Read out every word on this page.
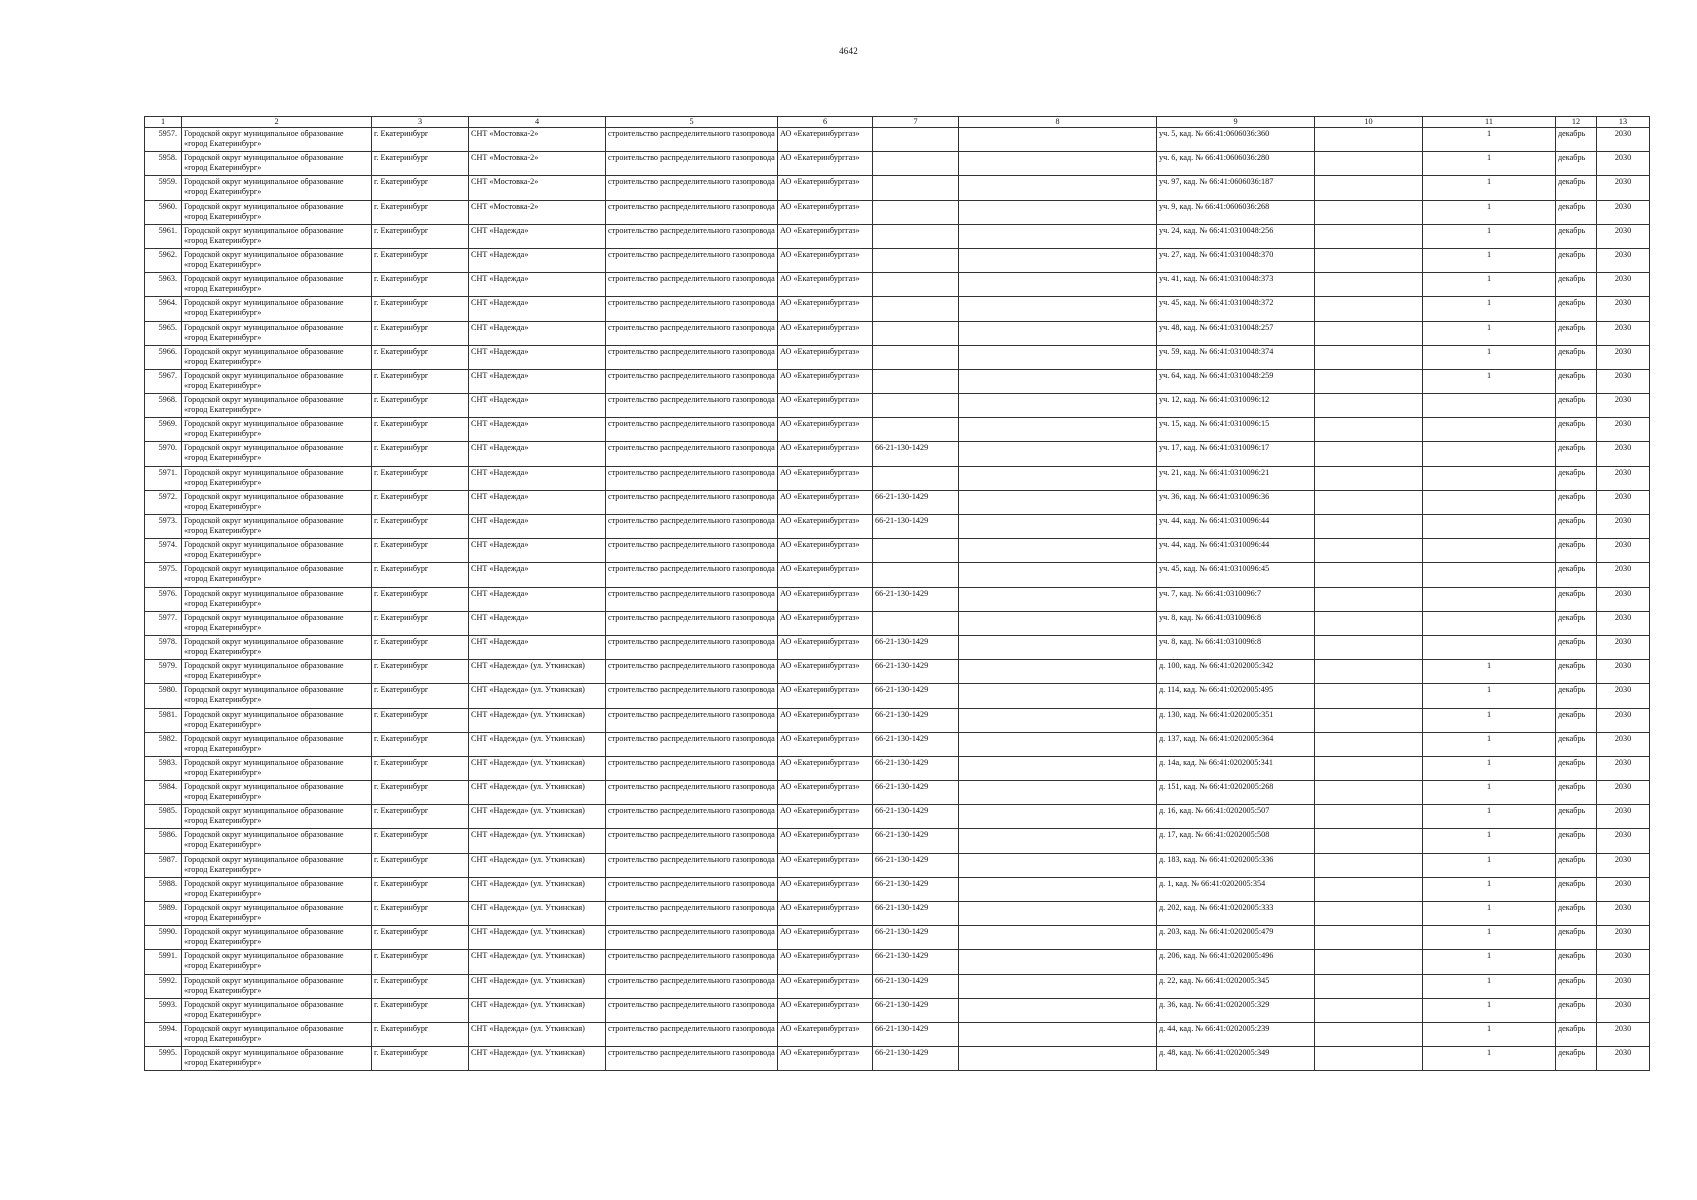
4642
1	2	3	4	5	6	7	8	9	10	11	12	13
5957.	Городской округ муниципальное образование «город Екатеринбург»	г. Екатеринбург	СНТ «Мостовка-2»	строительство распределительного газопровода	АО «Екатеринбурггаз»			уч. 5, кад. № 66:41:0606036:360		1	декабрь	2030
5958.	Городской округ муниципальное образование «город Екатеринбург»	г. Екатеринбург	СНТ «Мостовка-2»	строительство распределительного газопровода	АО «Екатеринбурггаз»			уч. 6, кад. № 66:41:0606036:280		1	декабрь	2030
5959.	Городской округ муниципальное образование «город Екатеринбург»	г. Екатеринбург	СНТ «Мостовка-2»	строительство распределительного газопровода	АО «Екатеринбурггаз»			уч. 97, кад. № 66:41:0606036:187		1	декабрь	2030
5960.	Городской округ муниципальное образование «город Екатеринбург»	г. Екатеринбург	СНТ «Мостовка-2»	строительство распределительного газопровода	АО «Екатеринбурггаз»			уч. 9, кад. № 66:41:0606036:268		1	декабрь	2030
5961.	Городской округ муниципальное образование «город Екатеринбург»	г. Екатеринбург	СНТ «Надежда»	строительство распределительного газопровода	АО «Екатеринбурггаз»			уч. 24, кад. № 66:41:0310048:256		1	декабрь	2030
5962.	Городской округ муниципальное образование «город Екатеринбург»	г. Екатеринбург	СНТ «Надежда»	строительство распределительного газопровода	АО «Екатеринбурггаз»			уч. 27, кад. № 66:41:0310048:370		1	декабрь	2030
5963.	Городской округ муниципальное образование «город Екатеринбург»	г. Екатеринбург	СНТ «Надежда»	строительство распределительного газопровода	АО «Екатеринбурггаз»			уч. 41, кад. № 66:41:0310048:373		1	декабрь	2030
5964.	Городской округ муниципальное образование «город Екатеринбург»	г. Екатеринбург	СНТ «Надежда»	строительство распределительного газопровода	АО «Екатеринбурггаз»			уч. 45, кад. № 66:41:0310048:372		1	декабрь	2030
5965.	Городской округ муниципальное образование «город Екатеринбург»	г. Екатеринбург	СНТ «Надежда»	строительство распределительного газопровода	АО «Екатеринбурггаз»			уч. 48, кад. № 66:41:0310048:257		1	декабрь	2030
5966.	Городской округ муниципальное образование «город Екатеринбург»	г. Екатеринбург	СНТ «Надежда»	строительство распределительного газопровода	АО «Екатеринбурггаз»			уч. 59, кад. № 66:41:0310048:374		1	декабрь	2030
5967.	Городской округ муниципальное образование «город Екатеринбург»	г. Екатеринбург	СНТ «Надежда»	строительство распределительного газопровода	АО «Екатеринбурггаз»			уч. 64, кад. № 66:41:0310048:259		1	декабрь	2030
5968.	Городской округ муниципальное образование «город Екатеринбург»	г. Екатеринбург	СНТ «Надежда»	строительство распределительного газопровода	АО «Екатеринбурггаз»			уч. 12, кад. № 66:41:0310096:12			декабрь	2030
5969.	Городской округ муниципальное образование «город Екатеринбург»	г. Екатеринбург	СНТ «Надежда»	строительство распределительного газопровода	АО «Екатеринбурггаз»			уч. 15, кад. № 66:41:0310096:15			декабрь	2030
5970.	Городской округ муниципальное образование «город Екатеринбург»	г. Екатеринбург	СНТ «Надежда»	строительство распределительного газопровода	АО «Екатеринбурггаз»	66-21-130-1429		уч. 17, кад. № 66:41:0310096:17			декабрь	2030
5971.	Городской округ муниципальное образование «город Екатеринбург»	г. Екатеринбург	СНТ «Надежда»	строительство распределительного газопровода	АО «Екатеринбурггаз»			уч. 21, кад. № 66:41:0310096:21			декабрь	2030
5972.	Городской округ муниципальное образование «город Екатеринбург»	г. Екатеринбург	СНТ «Надежда»	строительство распределительного газопровода	АО «Екатеринбурггаз»	66-21-130-1429		уч. 36, кад. № 66:41:0310096:36			декабрь	2030
5973.	Городской округ муниципальное образование «город Екатеринбург»	г. Екатеринбург	СНТ «Надежда»	строительство распределительного газопровода	АО «Екатеринбурггаз»	66-21-130-1429		уч. 44, кад. № 66:41:0310096:44			декабрь	2030
5974.	Городской округ муниципальное образование «город Екатеринбург»	г. Екатеринбург	СНТ «Надежда»	строительство распределительного газопровода	АО «Екатеринбурггаз»			уч. 44, кад. № 66:41:0310096:44			декабрь	2030
5975.	Городской округ муниципальное образование «город Екатеринбург»	г. Екатеринбург	СНТ «Надежда»	строительство распределительного газопровода	АО «Екатеринбурггаз»			уч. 45, кад. № 66:41:0310096:45			декабрь	2030
5976.	Городской округ муниципальное образование «город Екатеринбург»	г. Екатеринбург	СНТ «Надежда»	строительство распределительного газопровода	АО «Екатеринбурггаз»	66-21-130-1429		уч. 7, кад. № 66:41:0310096:7			декабрь	2030
5977.	Городской округ муниципальное образование «город Екатеринбург»	г. Екатеринбург	СНТ «Надежда»	строительство распределительного газопровода	АО «Екатеринбурггаз»			уч. 8, кад. № 66:41:0310096:8			декабрь	2030
5978.	Городской округ муниципальное образование «город Екатеринбург»	г. Екатеринбург	СНТ «Надежда»	строительство распределительного газопровода	АО «Екатеринбурггаз»	66-21-130-1429		уч. 8, кад. № 66:41:0310096:8			декабрь	2030
5979.	Городской округ муниципальное образование «город Екатеринбург»	г. Екатеринбург	СНТ «Надежда» (ул. Уткинская)	строительство распределительного газопровода	АО «Екатеринбурггаз»	66-21-130-1429		д. 100, кад. № 66:41:0202005:342		1	декабрь	2030
5980.	Городской округ муниципальное образование «город Екатеринбург»	г. Екатеринбург	СНТ «Надежда» (ул. Уткинская)	строительство распределительного газопровода	АО «Екатеринбурггаз»	66-21-130-1429		д. 114, кад. № 66:41:0202005:495		1	декабрь	2030
5981.	Городской округ муниципальное образование «город Екатеринбург»	г. Екатеринбург	СНТ «Надежда» (ул. Уткинская)	строительство распределительного газопровода	АО «Екатеринбурггаз»	66-21-130-1429		д. 130, кад. № 66:41:0202005:351		1	декабрь	2030
5982.	Городской округ муниципальное образование «город Екатеринбург»	г. Екатеринбург	СНТ «Надежда» (ул. Уткинская)	строительство распределительного газопровода	АО «Екатеринбурггаз»	66-21-130-1429		д. 137, кад. № 66:41:0202005:364		1	декабрь	2030
5983.	Городской округ муниципальное образование «город Екатеринбург»	г. Екатеринбург	СНТ «Надежда» (ул. Уткинская)	строительство распределительного газопровода	АО «Екатеринбурггаз»	66-21-130-1429		д. 14а, кад. № 66:41:0202005:341		1	декабрь	2030
5984.	Городской округ муниципальное образование «город Екатеринбург»	г. Екатеринбург	СНТ «Надежда» (ул. Уткинская)	строительство распределительного газопровода	АО «Екатеринбурггаз»	66-21-130-1429		д. 151, кад. № 66:41:0202005:268		1	декабрь	2030
5985.	Городской округ муниципальное образование «город Екатеринбург»	г. Екатеринбург	СНТ «Надежда» (ул. Уткинская)	строительство распределительного газопровода	АО «Екатеринбурггаз»	66-21-130-1429		д. 16, кад. № 66:41:0202005:507		1	декабрь	2030
5986.	Городской округ муниципальное образование «город Екатеринбург»	г. Екатеринбург	СНТ «Надежда» (ул. Уткинская)	строительство распределительного газопровода	АО «Екатеринбурггаз»	66-21-130-1429		д. 17, кад. № 66:41:0202005:508		1	декабрь	2030
5987.	Городской округ муниципальное образование «город Екатеринбург»	г. Екатеринбург	СНТ «Надежда» (ул. Уткинская)	строительство распределительного газопровода	АО «Екатеринбурггаз»	66-21-130-1429		д. 183, кад. № 66:41:0202005:336		1	декабрь	2030
5988.	Городской округ муниципальное образование «город Екатеринбург»	г. Екатеринбург	СНТ «Надежда» (ул. Уткинская)	строительство распределительного газопровода	АО «Екатеринбурггаз»	66-21-130-1429		д. 1, кад. № 66:41:0202005:354		1	декабрь	2030
5989.	Городской округ муниципальное образование «город Екатеринбург»	г. Екатеринбург	СНТ «Надежда» (ул. Уткинская)	строительство распределительного газопровода	АО «Екатеринбурггаз»	66-21-130-1429		д. 202, кад. № 66:41:0202005:333		1	декабрь	2030
5990.	Городской округ муниципальное образование «город Екатеринбург»	г. Екатеринбург	СНТ «Надежда» (ул. Уткинская)	строительство распределительного газопровода	АО «Екатеринбурггаз»	66-21-130-1429		д. 203, кад. № 66:41:0202005:479		1	декабрь	2030
5991.	Городской округ муниципальное образование «город Екатеринбург»	г. Екатеринбург	СНТ «Надежда» (ул. Уткинская)	строительство распределительного газопровода	АО «Екатеринбурггаз»	66-21-130-1429		д. 206, кад. № 66:41:0202005:496		1	декабрь	2030
5992.	Городской округ муниципальное образование «город Екатеринбург»	г. Екатеринбург	СНТ «Надежда» (ул. Уткинская)	строительство распределительного газопровода	АО «Екатеринбурггаз»	66-21-130-1429		д. 22, кад. № 66:41:0202005:345		1	декабрь	2030
5993.	Городской округ муниципальное образование «город Екатеринбург»	г. Екатеринбург	СНТ «Надежда» (ул. Уткинская)	строительство распределительного газопровода	АО «Екатеринбурггаз»	66-21-130-1429		д. 36, кад. № 66:41:0202005:329		1	декабрь	2030
5994.	Городской округ муниципальное образование «город Екатеринбург»	г. Екатеринбург	СНТ «Надежда» (ул. Уткинская)	строительство распределительного газопровода	АО «Екатеринбурггаз»	66-21-130-1429		д. 44, кад. № 66:41:0202005:239		1	декабрь	2030
5995.	Городской округ муниципальное образование «город Екатеринбург»	г. Екатеринбург	СНТ «Надежда» (ул. Уткинская)	строительство распределительного газопровода	АО «Екатеринбурггаз»	66-21-130-1429		д. 48, кад. № 66:41:0202005:349		1	декабрь	2030
